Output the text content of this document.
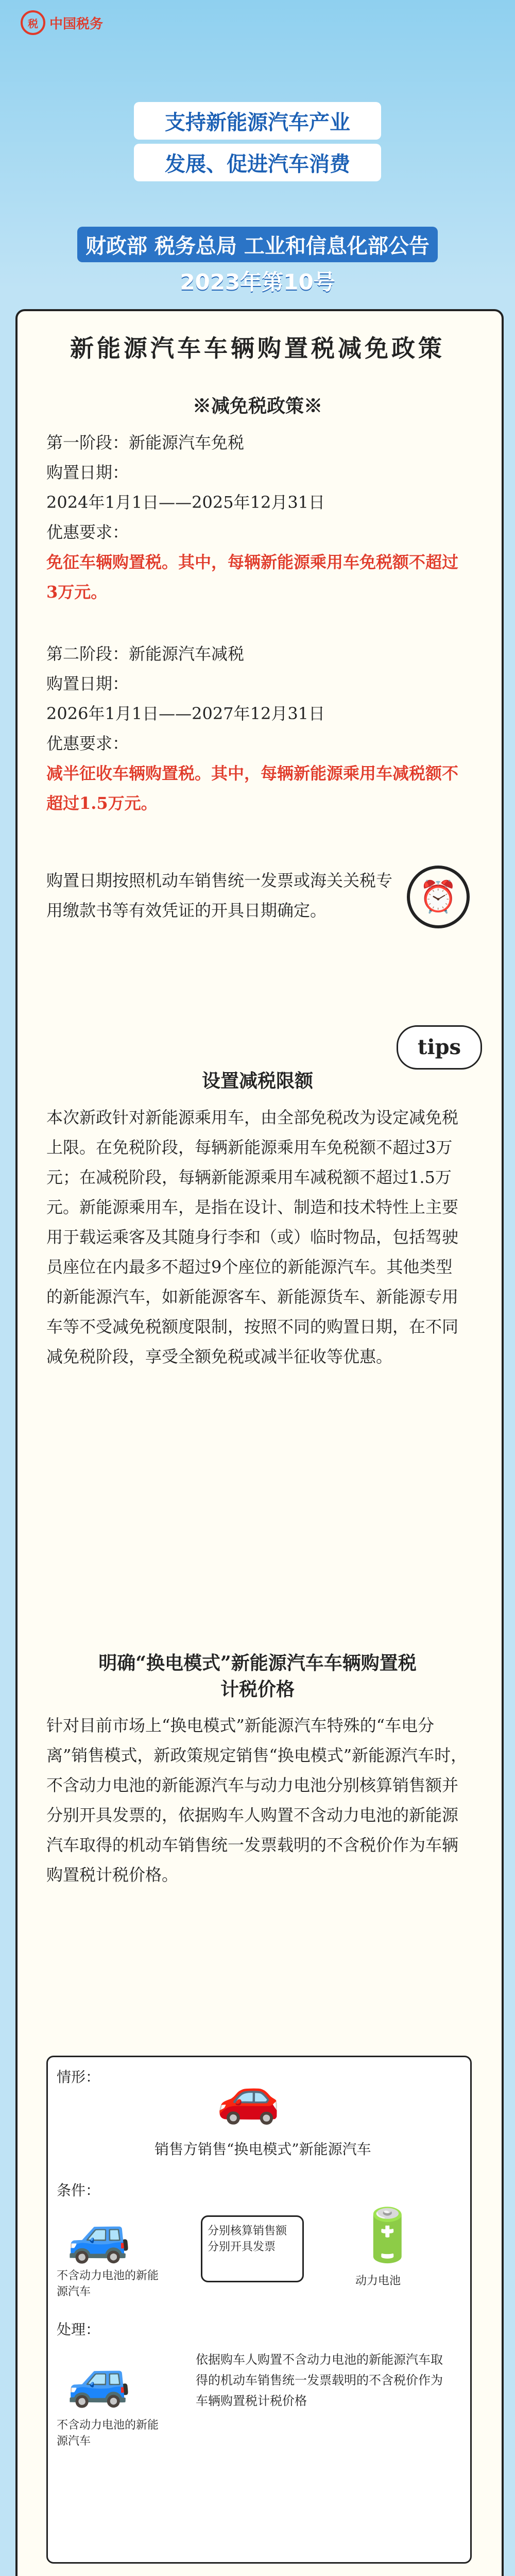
税 中国税务
支持新能源汽车产业
发展、促进汽车消费
财政部 税务总局 工业和信息化部公告
2023年第10号
新能源汽车车辆购置税减免政策
※减免税政策※
第一阶段：新能源汽车免税
购置日期：
2024年1月1日——2025年12月31日
优惠要求：
免征车辆购置税。其中，每辆新能源乘用车免税额不超过3万元。
第二阶段：新能源汽车减税
购置日期：
2026年1月1日——2027年12月31日
优惠要求：
减半征收车辆购置税。其中，每辆新能源乘用车减税额不超过1.5万元。
购置日期按照机动车销售统一发票或海关关税专用缴款书等有效凭证的开具日期确定。	⏰
tips
设置减税限额
本次新政针对新能源乘用车，由全部免税改为设定减免税上限。在免税阶段，每辆新能源乘用车免税额不超过3万元；在减税阶段，每辆新能源乘用车减税额不超过1.5万元。新能源乘用车，是指在设计、制造和技术特性上主要用于载运乘客及其随身行李和（或）临时物品，包括驾驶员座位在内最多不超过9个座位的新能源汽车。其他类型的新能源汽车，如新能源客车、新能源货车、新能源专用车等不受减免税额度限制，按照不同的购置日期，在不同减免税阶段，享受全额免税或减半征收等优惠。
明确“换电模式”新能源汽车车辆购置税计税价格
针对目前市场上“换电模式”新能源汽车特殊的“车电分离”销售模式，新政策规定销售“换电模式”新能源汽车时，不含动力电池的新能源汽车与动力电池分别核算销售额并分别开具发票的，依据购车人购置不含动力电池的新能源汽车取得的机动车销售统一发票载明的不含税价作为车辆购置税计税价格。
情形： 🚗
销售方销售“换电模式”新能源汽车
条件：
🚙
不含动力电池的新能源汽车
分别核算销售额分别开具发票	🔋
动力电池
处理：
🚙
不含动力电池的新能源汽车
依据购车人购置不含动力电池的新能源汽车取得的机动车销售统一发票载明的不含税价作为车辆购置税计税价格
